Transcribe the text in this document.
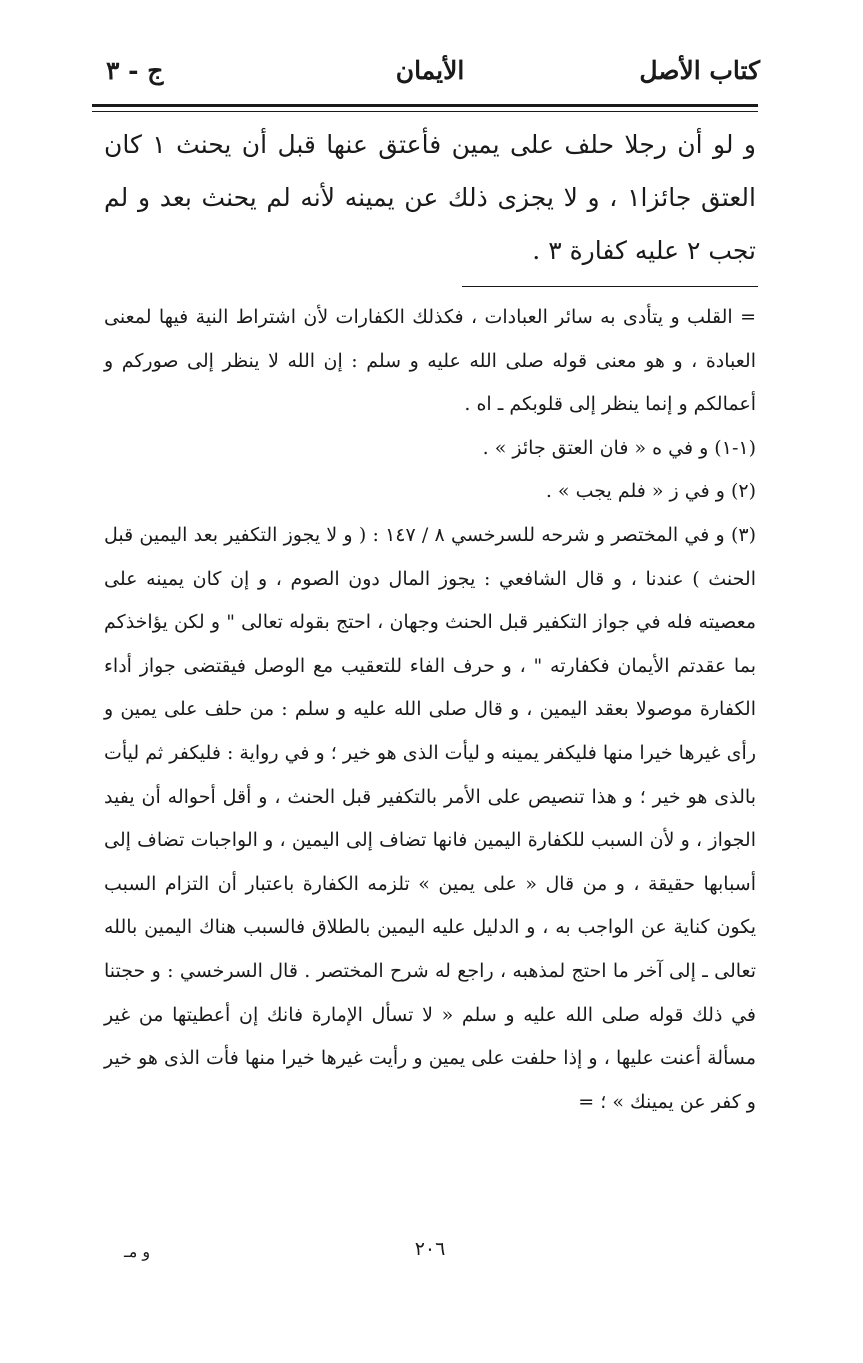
كتاب الأصل
الأيمان
ج - ٣

و لو أن رجلا حلف على يمين فأعتق عنها قبل أن يحنث ١ كان العتق جائزا١ ، و لا يجزى ذلك عن يمينه لأنه لم يحنث بعد و لم تجب ٢ عليه كفارة ٣ .

= القلب و يتأدى به سائر العبادات ، فكذلك الكفارات لأن اشتراط النية فيها لمعنى العبادة ، و هو معنى قوله صلى الله عليه و سلم : إن الله لا ينظر إلى صوركم و أعمالكم و إنما ينظر إلى قلوبكم ـ اه .

(١-١) و في ه « فان العتق جائز » .

(٢) و في ز « فلم يجب » .

(٣) و في المختصر و شرحه للسرخسي ٨ / ١٤٧ : ( و لا يجوز التكفير بعد اليمين قبل الحنث ) عندنا ، و قال الشافعي : يجوز المال دون الصوم ، و إن كان يمينه على معصيته فله في جواز التكفير قبل الحنث وجهان ، احتج بقوله تعالى " و لكن يؤاخذكم بما عقدتم الأيمان فكفارته " ، و حرف الفاء للتعقيب مع الوصل فيقتضى جواز أداء الكفارة موصولا بعقد اليمين ، و قال صلى الله عليه و سلم : من حلف على يمين و رأى غيرها خيرا منها فليكفر يمينه و ليأت الذى هو خير ؛ و في رواية : فليكفر ثم ليأت بالذى هو خير ؛ و هذا تنصيص على الأمر بالتكفير قبل الحنث ، و أقل أحواله أن يفيد الجواز ، و لأن السبب للكفارة اليمين فانها تضاف إلى اليمين ، و الواجبات تضاف إلى أسبابها حقيقة ، و من قال « على يمين » تلزمه الكفارة باعتبار أن التزام السبب يكون كناية عن الواجب به ، و الدليل عليه اليمين بالطلاق فالسبب هناك اليمين بالله تعالى ـ إلى آخر ما احتج لمذهبه ، راجع له شرح المختصر . قال السرخسي : و حجتنا في ذلك قوله صلى الله عليه و سلم « لا تسأل الإمارة فانك إن أعطيتها من غير مسألة أعنت عليها ، و إذا حلفت على يمين و رأيت غيرها خيرا منها فأت الذى هو خير و كفر عن يمينك » ؛ =

٢٠٦
و مـ
